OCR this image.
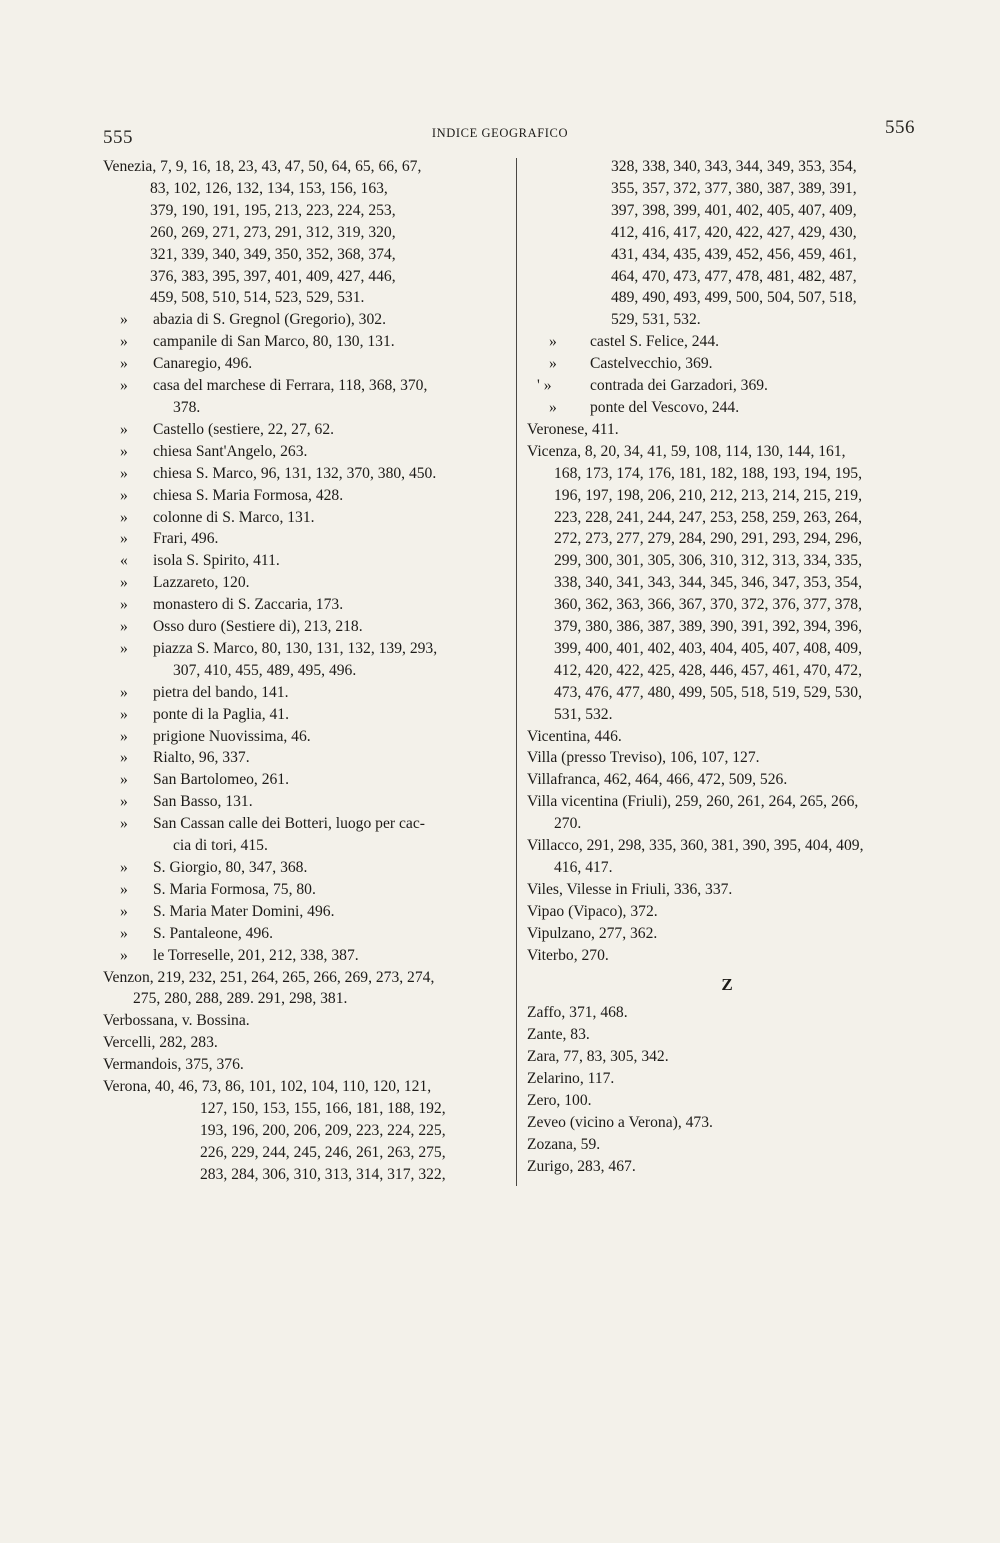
555	INDICE GEOGRAFICO	556
Venezia, 7, 9, 16, 18, 23, 43, 47, 50, 64, 65, 66, 67,
83, 102, 126, 132, 134, 153, 156, 163,
379, 190, 191, 195, 213, 223, 224, 253,
260, 269, 271, 273, 291, 312, 319, 320,
321, 339, 340, 349, 350, 352, 368, 374,
376, 383, 395, 397, 401, 409, 427, 446,
459, 508, 510, 514, 523, 529, 531.
»	abazia di S. Gregnol (Gregorio), 302.
»	campanile di San Marco, 80, 130, 131.
»	Canaregio, 496.
»	casa del marchese di Ferrara, 118, 368, 370,
378.
»	Castello (sestiere, 22, 27, 62.
»	chiesa Sant'Angelo, 263.
»	chiesa S. Marco, 96, 131, 132, 370, 380, 450.
»	chiesa S. Maria Formosa, 428.
»	colonne di S. Marco, 131.
»	Frari, 496.
«	isola S. Spirito, 411.
»	Lazzareto, 120.
»	monastero di S. Zaccaria, 173.
»	Osso duro (Sestiere di), 213, 218.
»	piazza S. Marco, 80, 130, 131, 132, 139, 293,
307, 410, 455, 489, 495, 496.
»	pietra del bando, 141.
»	ponte di la Paglia, 41.
»	prigione Nuovissima, 46.
»	Rialto, 96, 337.
»	San Bartolomeo, 261.
»	San Basso, 131.
»	San Cassan calle dei Botteri, luogo per cac-
cia di tori, 415.
»	S. Giorgio, 80, 347, 368.
»	S. Maria Formosa, 75, 80.
»	S. Maria Mater Domini, 496.
»	S. Pantaleone, 496.
»	le Torreselle, 201, 212, 338, 387.
Venzon, 219, 232, 251, 264, 265, 266, 269, 273, 274,
275, 280, 288, 289. 291, 298, 381.
Verbossana, v. Bossina.
Vercelli, 282, 283.
Vermandois, 375, 376.
Verona, 40, 46, 73, 86, 101, 102, 104, 110, 120, 121,
127, 150, 153, 155, 166, 181, 188, 192,
193, 196, 200, 206, 209, 223, 224, 225,
226, 229, 244, 245, 246, 261, 263, 275,
283, 284, 306, 310, 313, 314, 317, 322,
328, 338, 340, 343, 344, 349, 353, 354,
355, 357, 372, 377, 380, 387, 389, 391,
397, 398, 399, 401, 402, 405, 407, 409,
412, 416, 417, 420, 422, 427, 429, 430,
431, 434, 435, 439, 452, 456, 459, 461,
464, 470, 473, 477, 478, 481, 482, 487,
489, 490, 493, 499, 500, 504, 507, 518,
529, 531, 532.
»	castel S. Felice, 244.
»	Castelvecchio, 369.
' »	contrada dei Garzadori, 369.
»	ponte del Vescovo, 244.
Veronese, 411.
Vicenza, 8, 20, 34, 41, 59, 108, 114, 130, 144, 161,
168, 173, 174, 176, 181, 182, 188, 193, 194, 195,
196, 197, 198, 206, 210, 212, 213, 214, 215, 219,
223, 228, 241, 244, 247, 253, 258, 259, 263, 264,
272, 273, 277, 279, 284, 290, 291, 293, 294, 296,
299, 300, 301, 305, 306, 310, 312, 313, 334, 335,
338, 340, 341, 343, 344, 345, 346, 347, 353, 354,
360, 362, 363, 366, 367, 370, 372, 376, 377, 378,
379, 380, 386, 387, 389, 390, 391, 392, 394, 396,
399, 400, 401, 402, 403, 404, 405, 407, 408, 409,
412, 420, 422, 425, 428, 446, 457, 461, 470, 472,
473, 476, 477, 480, 499, 505, 518, 519, 529, 530,
531, 532.
Vicentina, 446.
Villa (presso Treviso), 106, 107, 127.
Villafranca, 462, 464, 466, 472, 509, 526.
Villa vicentina (Friuli), 259, 260, 261, 264, 265, 266,
270.
Villacco, 291, 298, 335, 360, 381, 390, 395, 404, 409,
416, 417.
Viles, Vilesse in Friuli, 336, 337.
Vipao (Vipaco), 372.
Vipulzano, 277, 362.
Viterbo, 270.
Z
Zaffo, 371, 468.
Zante, 83.
Zara, 77, 83, 305, 342.
Zelarino, 117.
Zero, 100.
Zeveo (vicino a Verona), 473.
Zozana, 59.
Zurigo, 283, 467.
